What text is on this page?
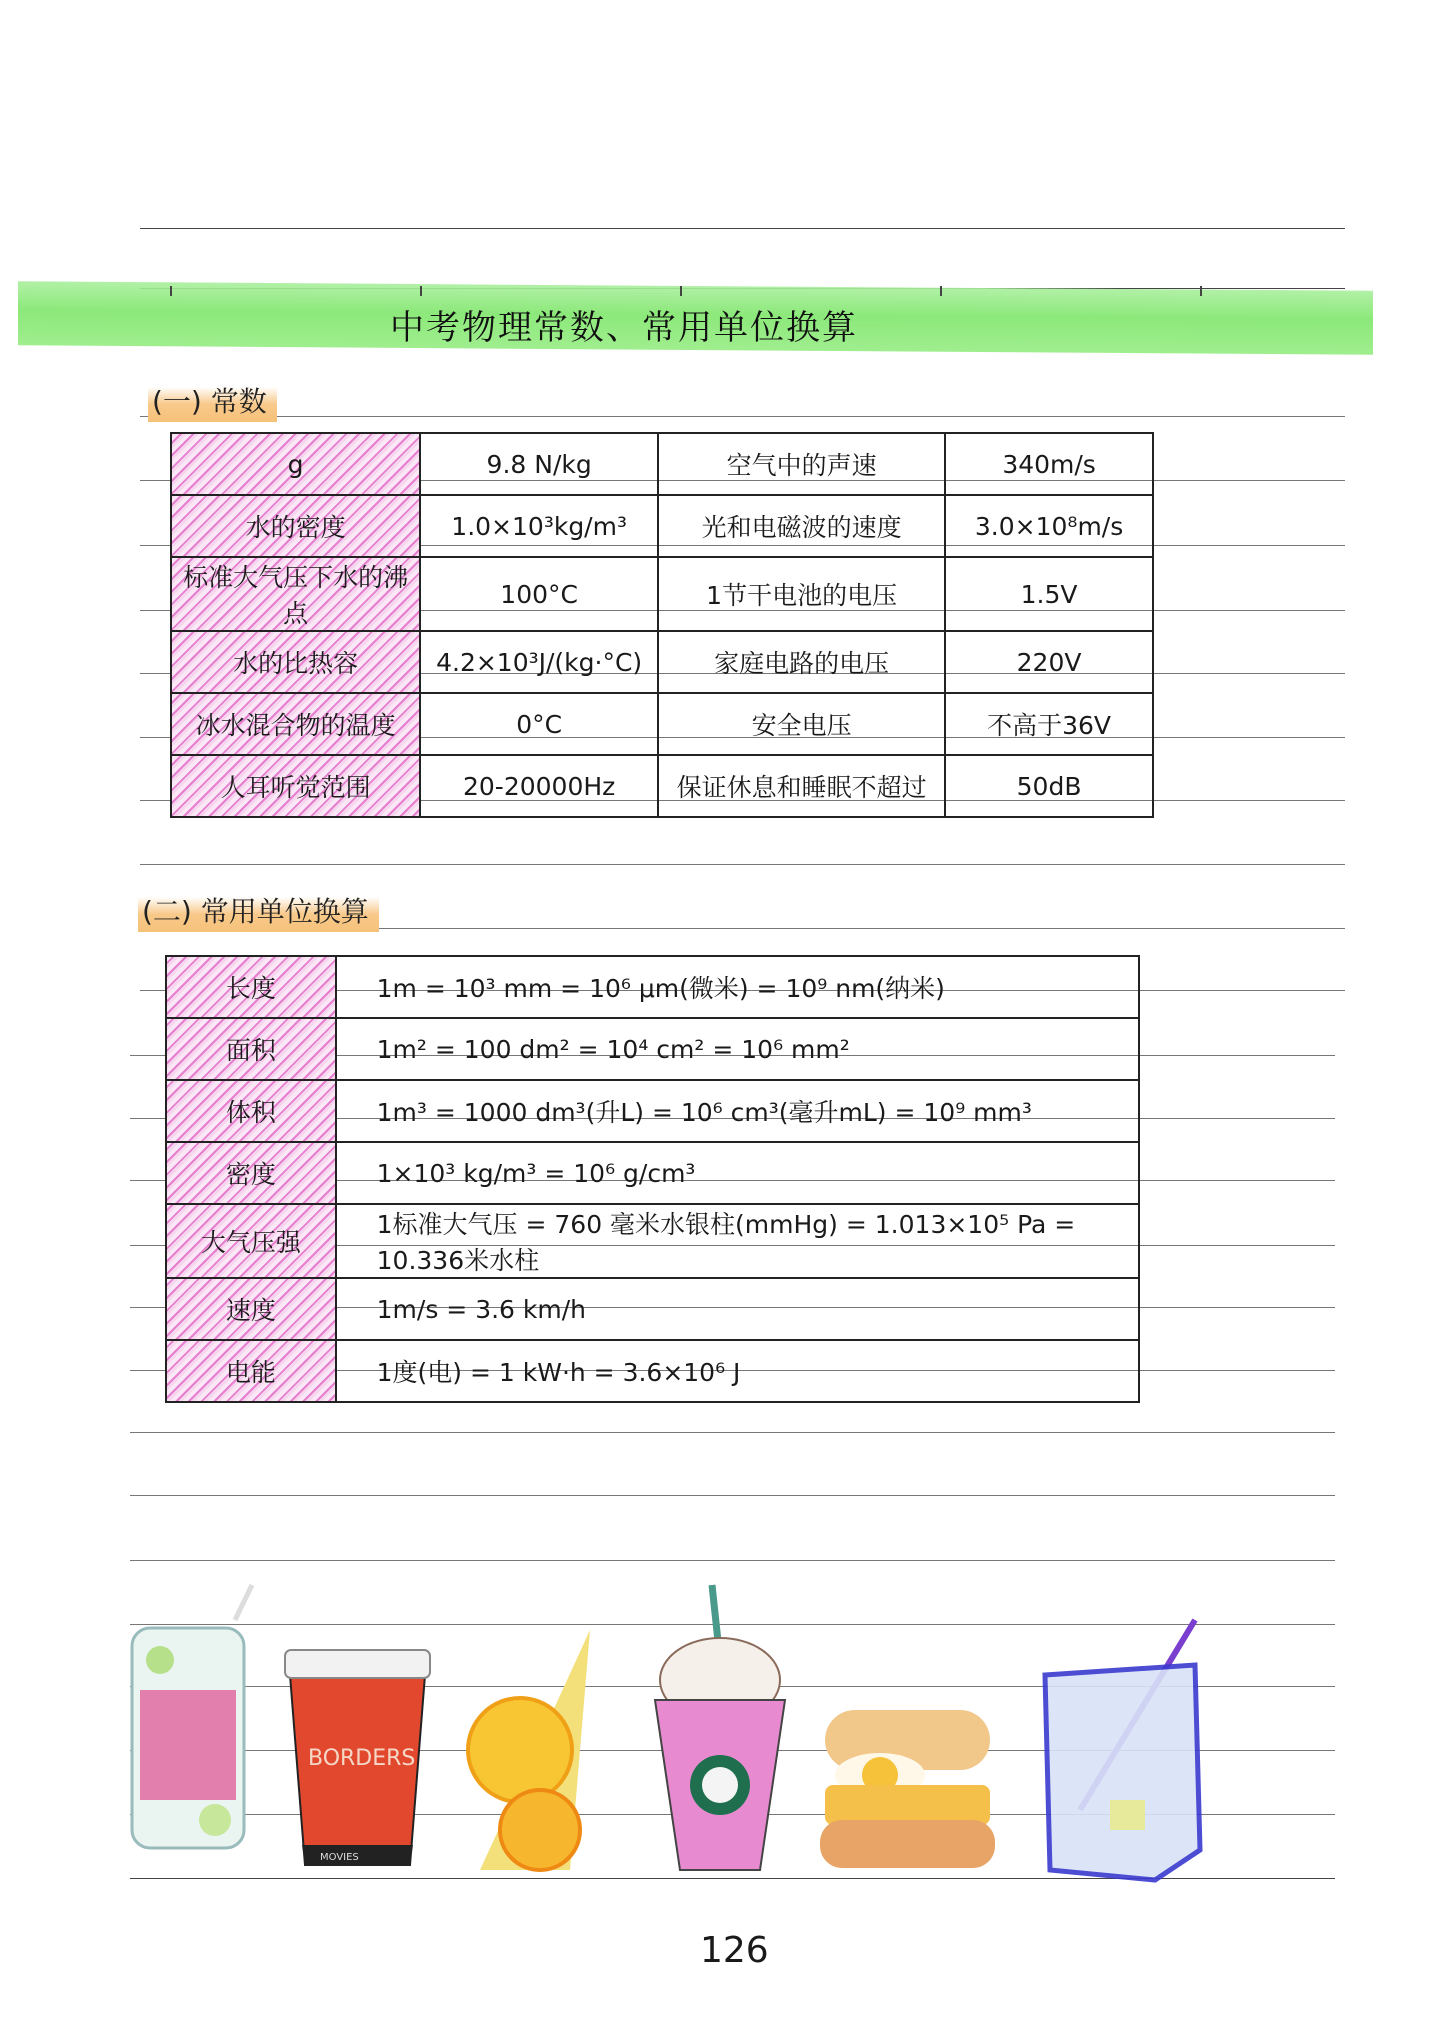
中考物理常数、常用单位换算
(一) 常数
g	9.8 N/kg	空气中的声速	340m/s
水的密度	1.0×10³kg/m³	光和电磁波的速度	3.0×10⁸m/s
标准大气压下水的沸点	100°C	1节干电池的电压	1.5V
水的比热容	4.2×10³J/(kg·°C)	家庭电路的电压	220V
冰水混合物的温度	0°C	安全电压	不高于36V
人耳听觉范围	20-20000Hz	保证休息和睡眠不超过	50dB
(二) 常用单位换算
长度	1m = 10³ mm = 10⁶ μm(微米) = 10⁹ nm(纳米)
面积	1m² = 100 dm² = 10⁴ cm² = 10⁶ mm²
体积	1m³ = 1000 dm³(升L) = 10⁶ cm³(毫升mL) = 10⁹ mm³
密度	1×10³ kg/m³ = 10⁶ g/cm³
大气压强	1标准大气压 = 760 毫米水银柱(mmHg) = 1.013×10⁵ Pa = 10.336米水柱
速度	1m/s = 3.6 km/h
电能	1度(电) = 1 kW·h = 3.6×10⁶ J
BORDERS
MOVIES
126
